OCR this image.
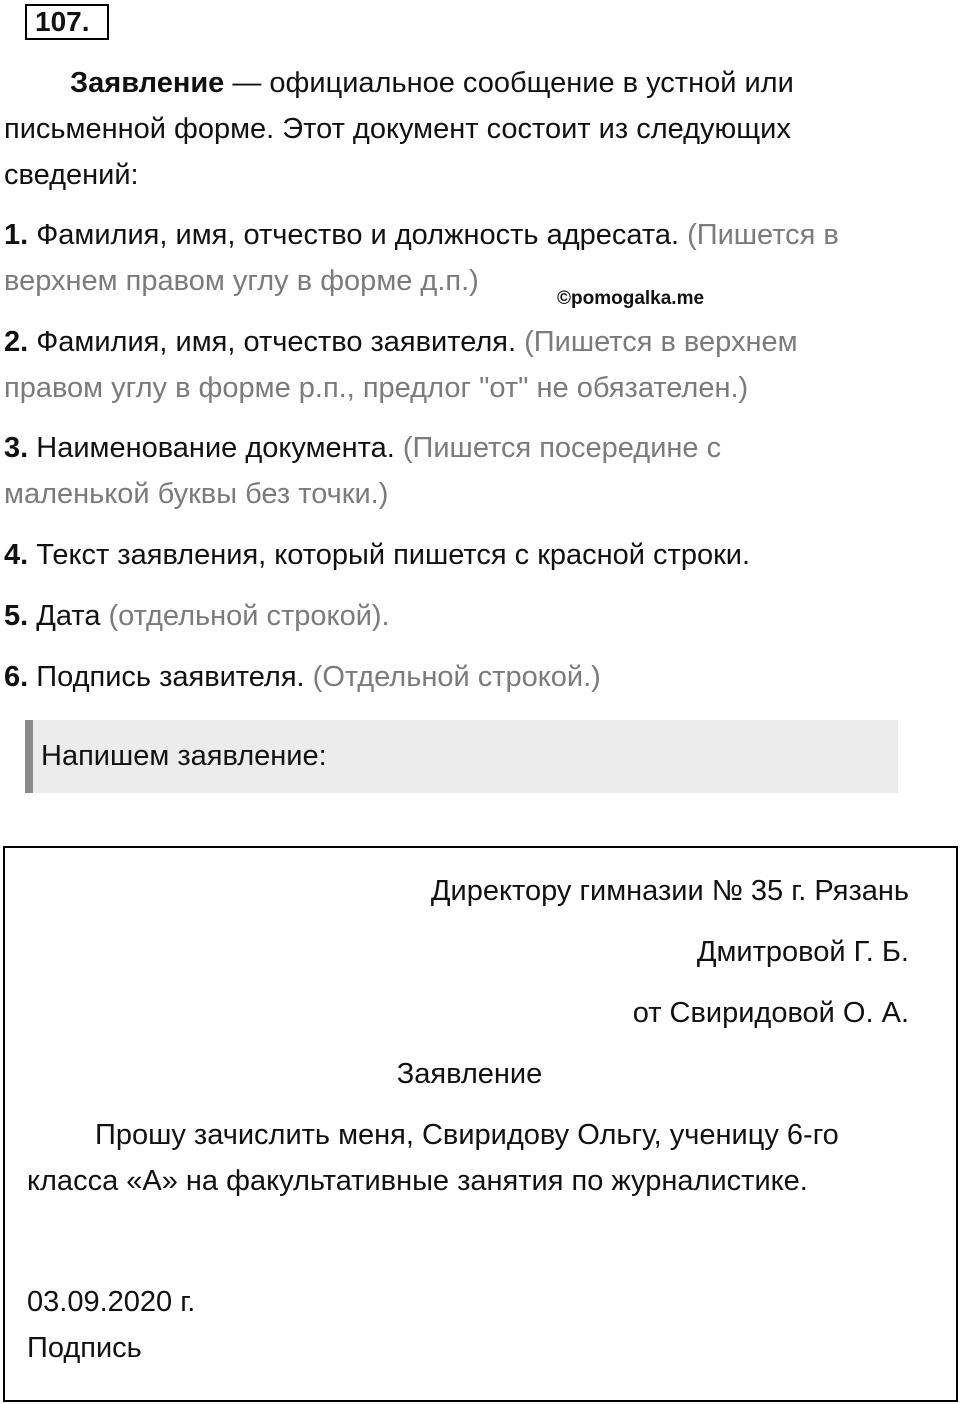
107.

Заявление — официальное сообщение в устной или письменной форме. Этот документ состоит из следующих сведений:

1. Фамилия, имя, отчество и должность адресата. (Пишется в верхнем правом углу в форме д.п.)

©pomogalka.me

2. Фамилия, имя, отчество заявителя. (Пишется в верхнем правом углу в форме р.п., предлог "от" не обязателен.)

3. Наименование документа. (Пишется посередине с маленькой буквы без точки.)

4. Текст заявления, который пишется с красной строки.

5. Дата (отдельной строкой).

6. Подпись заявителя. (Отдельной строкой.)

Напишем заявление:

Директору гимназии № 35 г. Рязань

Дмитровой Г. Б.

от Свиридовой О. А.

Заявление

Прошу зачислить меня, Свиридову Ольгу, ученицу 6-го класса «А» на факультативные занятия по журналистике.

03.09.2020 г.

Подпись
